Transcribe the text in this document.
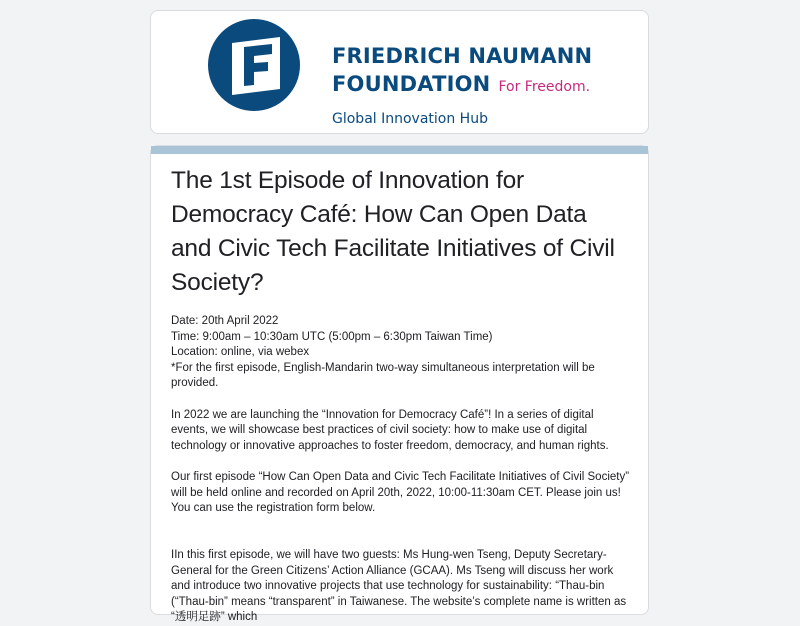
FRIEDRICH NAUMANN
FOUNDATION For Freedom.
Global Innovation Hub
The 1st Episode of Innovation for Democracy Café: How Can Open Data and Civic Tech Facilitate Initiatives of Civil Society?
Date: 20th April 2022
Time: 9:00am – 10:30am UTC (5:00pm – 6:30pm Taiwan Time)
Location: online, via webex
*For the first episode, English-Mandarin two-way simultaneous interpretation will be provided.
In 2022 we are launching the “Innovation for Democracy Café”! In a series of digital events, we will showcase best practices of civil society: how to make use of digital technology or innovative approaches to foster freedom, democracy, and human rights.
Our first episode “How Can Open Data and Civic Tech Facilitate Initiatives of Civil Society” will be held online and recorded on April 20th, 2022, 10:00-11:30am CET. Please join us! You can use the registration form below.
IIn this first episode, we will have two guests: Ms Hung-wen Tseng, Deputy Secretary-General for the Green Citizens’ Action Alliance (GCAA). Ms Tseng will discuss her work and introduce two innovative projects that use technology for sustainability: “Thau-bin (“Thau-bin” means “transparent” in Taiwanese. The website’s complete name is written as “透明足跡” which
